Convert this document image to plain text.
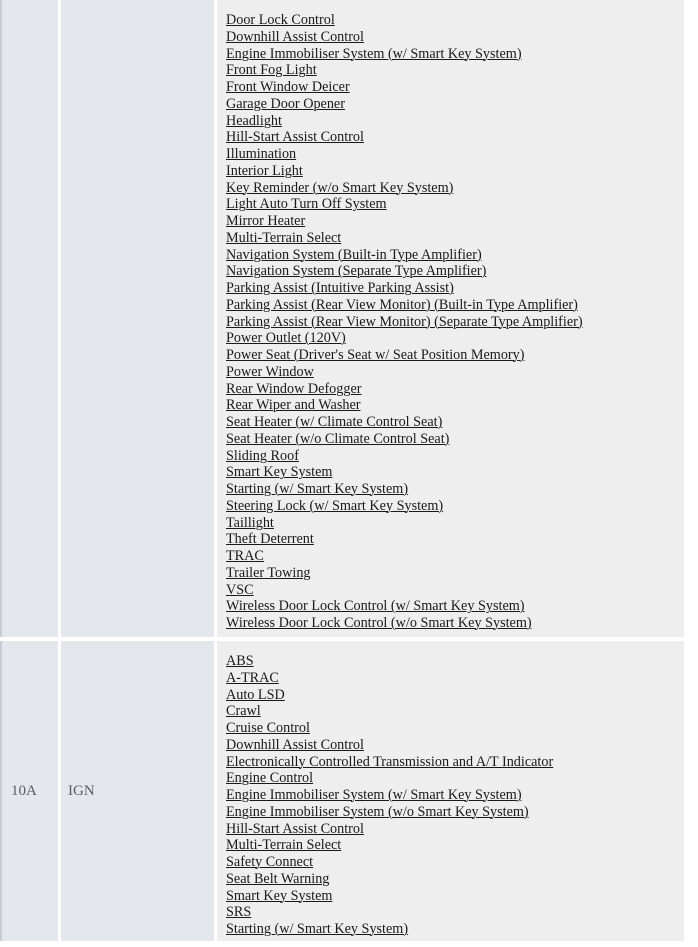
Door Lock Control
Downhill Assist Control
Engine Immobiliser System (w/ Smart Key System)
Front Fog Light
Front Window Deicer
Garage Door Opener
Headlight
Hill-Start Assist Control
Illumination
Interior Light
Key Reminder (w/o Smart Key System)
Light Auto Turn Off System
Mirror Heater
Multi-Terrain Select
Navigation System (Built-in Type Amplifier)
Navigation System (Separate Type Amplifier)
Parking Assist (Intuitive Parking Assist)
Parking Assist (Rear View Monitor) (Built-in Type Amplifier)
Parking Assist (Rear View Monitor) (Separate Type Amplifier)
Power Outlet (120V)
Power Seat (Driver's Seat w/ Seat Position Memory)
Power Window
Rear Window Defogger
Rear Wiper and Washer
Seat Heater (w/ Climate Control Seat)
Seat Heater (w/o Climate Control Seat)
Sliding Roof
Smart Key System
Starting (w/ Smart Key System)
Steering Lock (w/ Smart Key System)
Taillight
Theft Deterrent
TRAC
Trailer Towing
VSC
Wireless Door Lock Control (w/ Smart Key System)
Wireless Door Lock Control (w/o Smart Key System)
10A IGN
ABS
A-TRAC
Auto LSD
Crawl
Cruise Control
Downhill Assist Control
Electronically Controlled Transmission and A/T Indicator
Engine Control
Engine Immobiliser System (w/ Smart Key System)
Engine Immobiliser System (w/o Smart Key System)
Hill-Start Assist Control
Multi-Terrain Select
Safety Connect
Seat Belt Warning
Smart Key System
SRS
Starting (w/ Smart Key System)
